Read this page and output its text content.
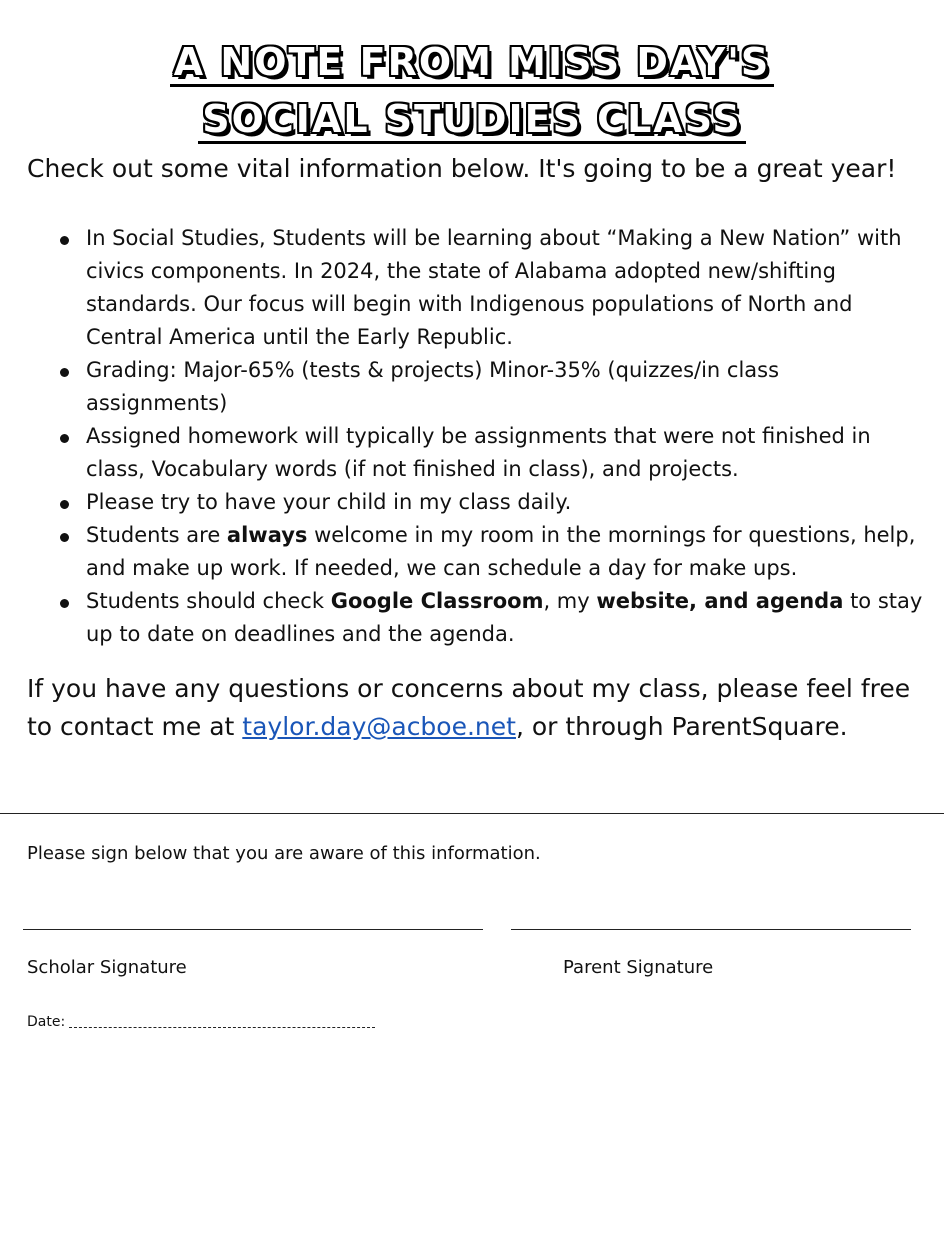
A NOTE FROM MISS DAY'S
SOCIAL STUDIES CLASS
Check out some vital information below. It's going to be a great year!
In Social Studies, Students will be learning about “Making a New Nation” with civics components. In 2024, the state of Alabama adopted new/shifting standards. Our focus will begin with Indigenous populations of North and Central America until the Early Republic.
Grading: Major-65% (tests & projects) Minor-35% (quizzes/in class assignments)
Assigned homework will typically be assignments that were not finished in class, Vocabulary words (if not finished in class), and projects.
Please try to have your child in my class daily.
Students are always welcome in my room in the mornings for questions, help, and make up work. If needed, we can schedule a day for make ups.
Students should check Google Classroom, my website, and agenda to stay up to date on deadlines and the agenda.
If you have any questions or concerns about my class, please feel free to contact me at taylor.day@acboe.net, or through ParentSquare.
Please sign below that you are aware of this information.
Scholar Signature	Parent Signature
Date:
